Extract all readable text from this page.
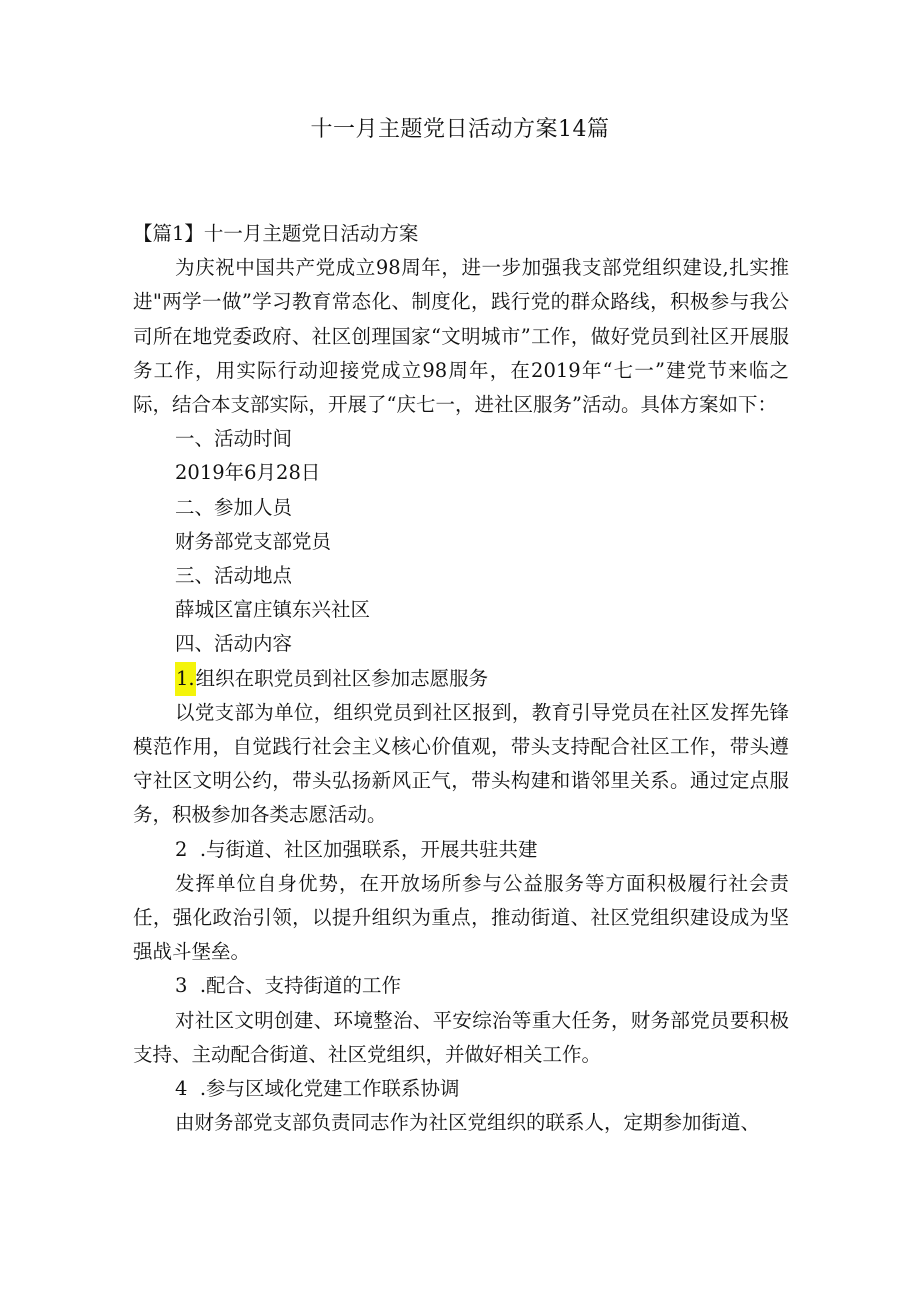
十一月主题党日活动方案14篇
【篇1】十一月主题党日活动方案

为庆祝中国共产党成立98周年，进一步加强我支部党组织建设,扎实推进"两学一做”学习教育常态化、制度化，践行党的群众路线，积极参与我公司所在地党委政府、社区创理国家“文明城市”工作，做好党员到社区开展服务工作，用实际行动迎接党成立98周年，在2019年“七一”建党节来临之际，结合本支部实际，开展了“庆七一，进社区服务”活动。具体方案如下：

一、活动时间
2019年6月28日
二、参加人员
财务部党支部党员
三、活动地点
薛城区富庄镇东兴社区
四、活动内容
1.组织在职党员到社区参加志愿服务

以党支部为单位，组织党员到社区报到，教育引导党员在社区发挥先锋模范作用，自觉践行社会主义核心价值观，带头支持配合社区工作，带头遵守社区文明公约，带头弘扬新风正气，带头构建和谐邻里关系。通过定点服务，积极参加各类志愿活动。

2 .与街道、社区加强联系，开展共驻共建

发挥单位自身优势，在开放场所参与公益服务等方面积极履行社会责任，强化政治引领，以提升组织为重点，推动街道、社区党组织建设成为坚强战斗堡垒。

3 .配合、支持街道的工作

对社区文明创建、环境整治、平安综治等重大任务，财务部党员要积极支持、主动配合街道、社区党组织，并做好相关工作。

4 .参与区域化党建工作联系协调

由财务部党支部负责同志作为社区党组织的联系人，定期参加街道、
